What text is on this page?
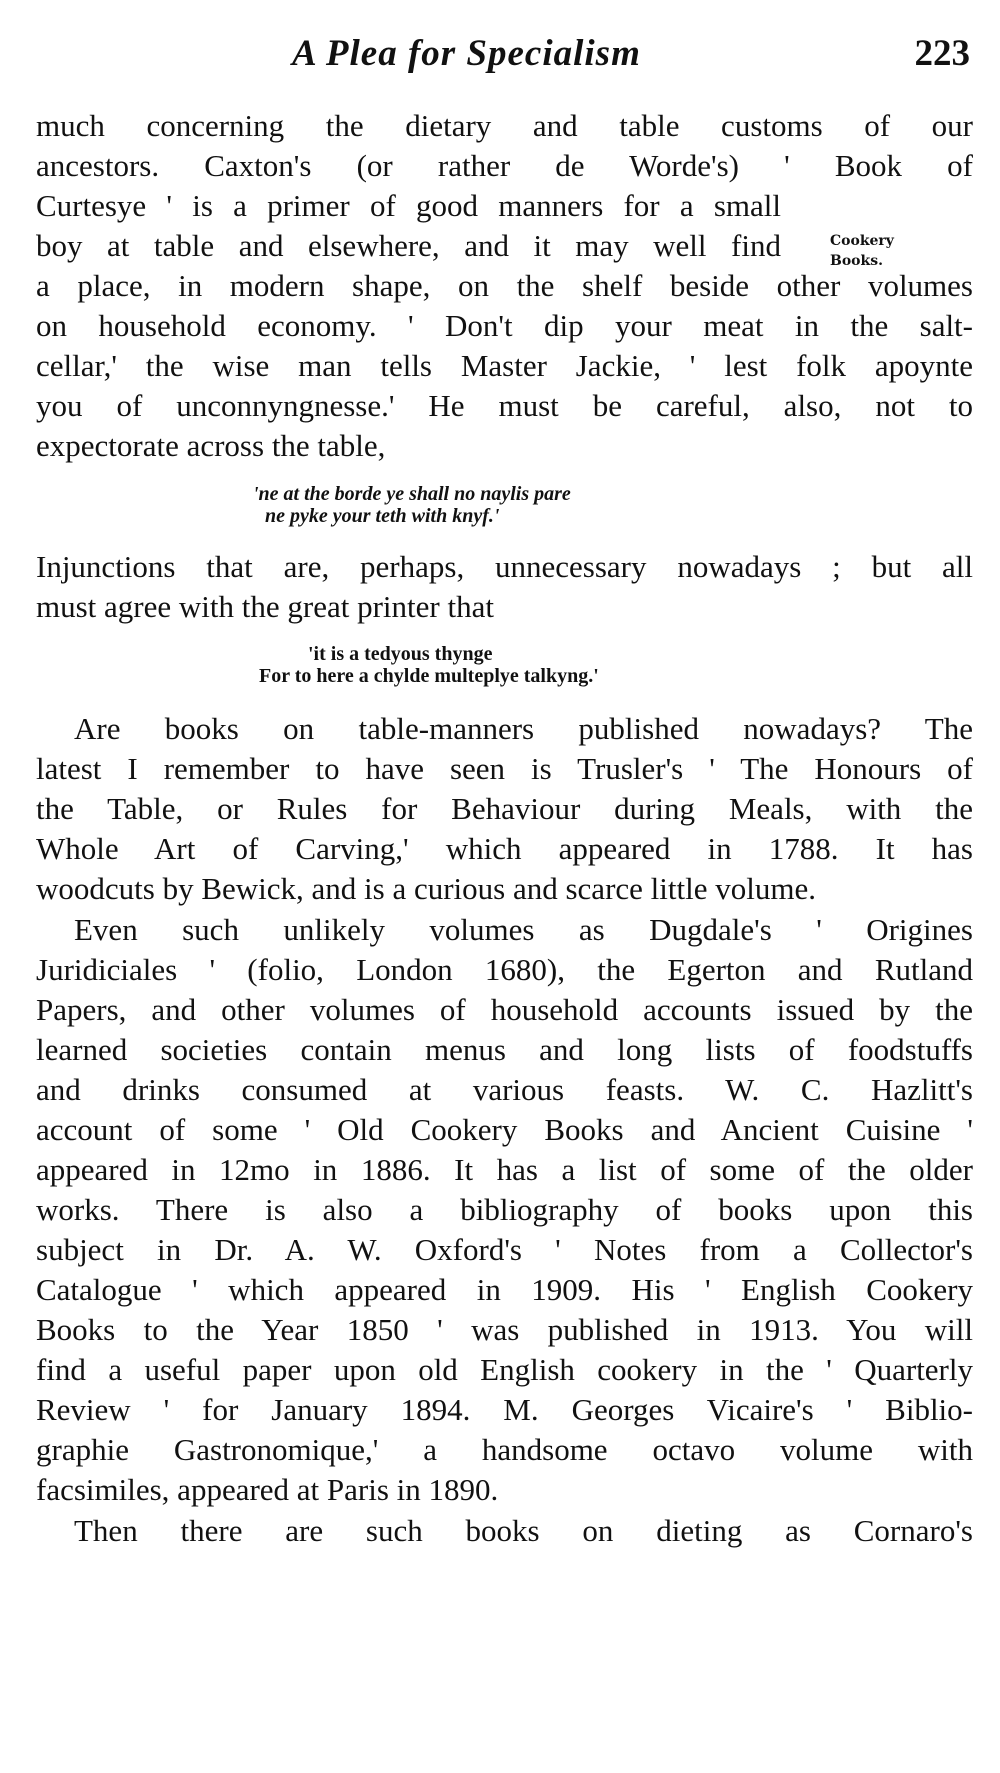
A Plea for Specialism	223
Cookery
Books.
much concerning the dietary and table customs of our
ancestors. Caxton's (or rather de Worde's) ' Book of
Curtesye ' is a primer of good manners for a small
boy at table and elsewhere, and it may well find
a place, in modern shape, on the shelf beside other volumes
on household economy. ' Don't dip your meat in the salt-
cellar,' the wise man tells Master Jackie, ' lest folk apoynte
you of unconnyngnesse.' He must be careful, also, not to
expectorate across the table,
'ne at the borde ye shall no naylis pare
ne pyke your teth with knyf.'
Injunctions that are, perhaps, unnecessary nowadays ; but all
must agree with the great printer that
'it is a tedyous thynge
For to here a chylde multeplye talkyng.'
Are books on table-manners published nowadays? The
latest I remember to have seen is Trusler's ' The Honours of
the Table, or Rules for Behaviour during Meals, with the
Whole Art of Carving,' which appeared in 1788. It has
woodcuts by Bewick, and is a curious and scarce little volume.
Even such unlikely volumes as Dugdale's ' Origines
Juridiciales ' (folio, London 1680), the Egerton and Rutland
Papers, and other volumes of household accounts issued by the
learned societies contain menus and long lists of foodstuffs
and drinks consumed at various feasts. W. C. Hazlitt's
account of some ' Old Cookery Books and Ancient Cuisine '
appeared in 12mo in 1886. It has a list of some of the older
works. There is also a bibliography of books upon this
subject in Dr. A. W. Oxford's ' Notes from a Collector's
Catalogue ' which appeared in 1909. His ' English Cookery
Books to the Year 1850 ' was published in 1913. You will
find a useful paper upon old English cookery in the ' Quarterly
Review ' for January 1894. M. Georges Vicaire's ' Biblio-
graphie Gastronomique,' a handsome octavo volume with
facsimiles, appeared at Paris in 1890.
Then there are such books on dieting as Cornaro's
